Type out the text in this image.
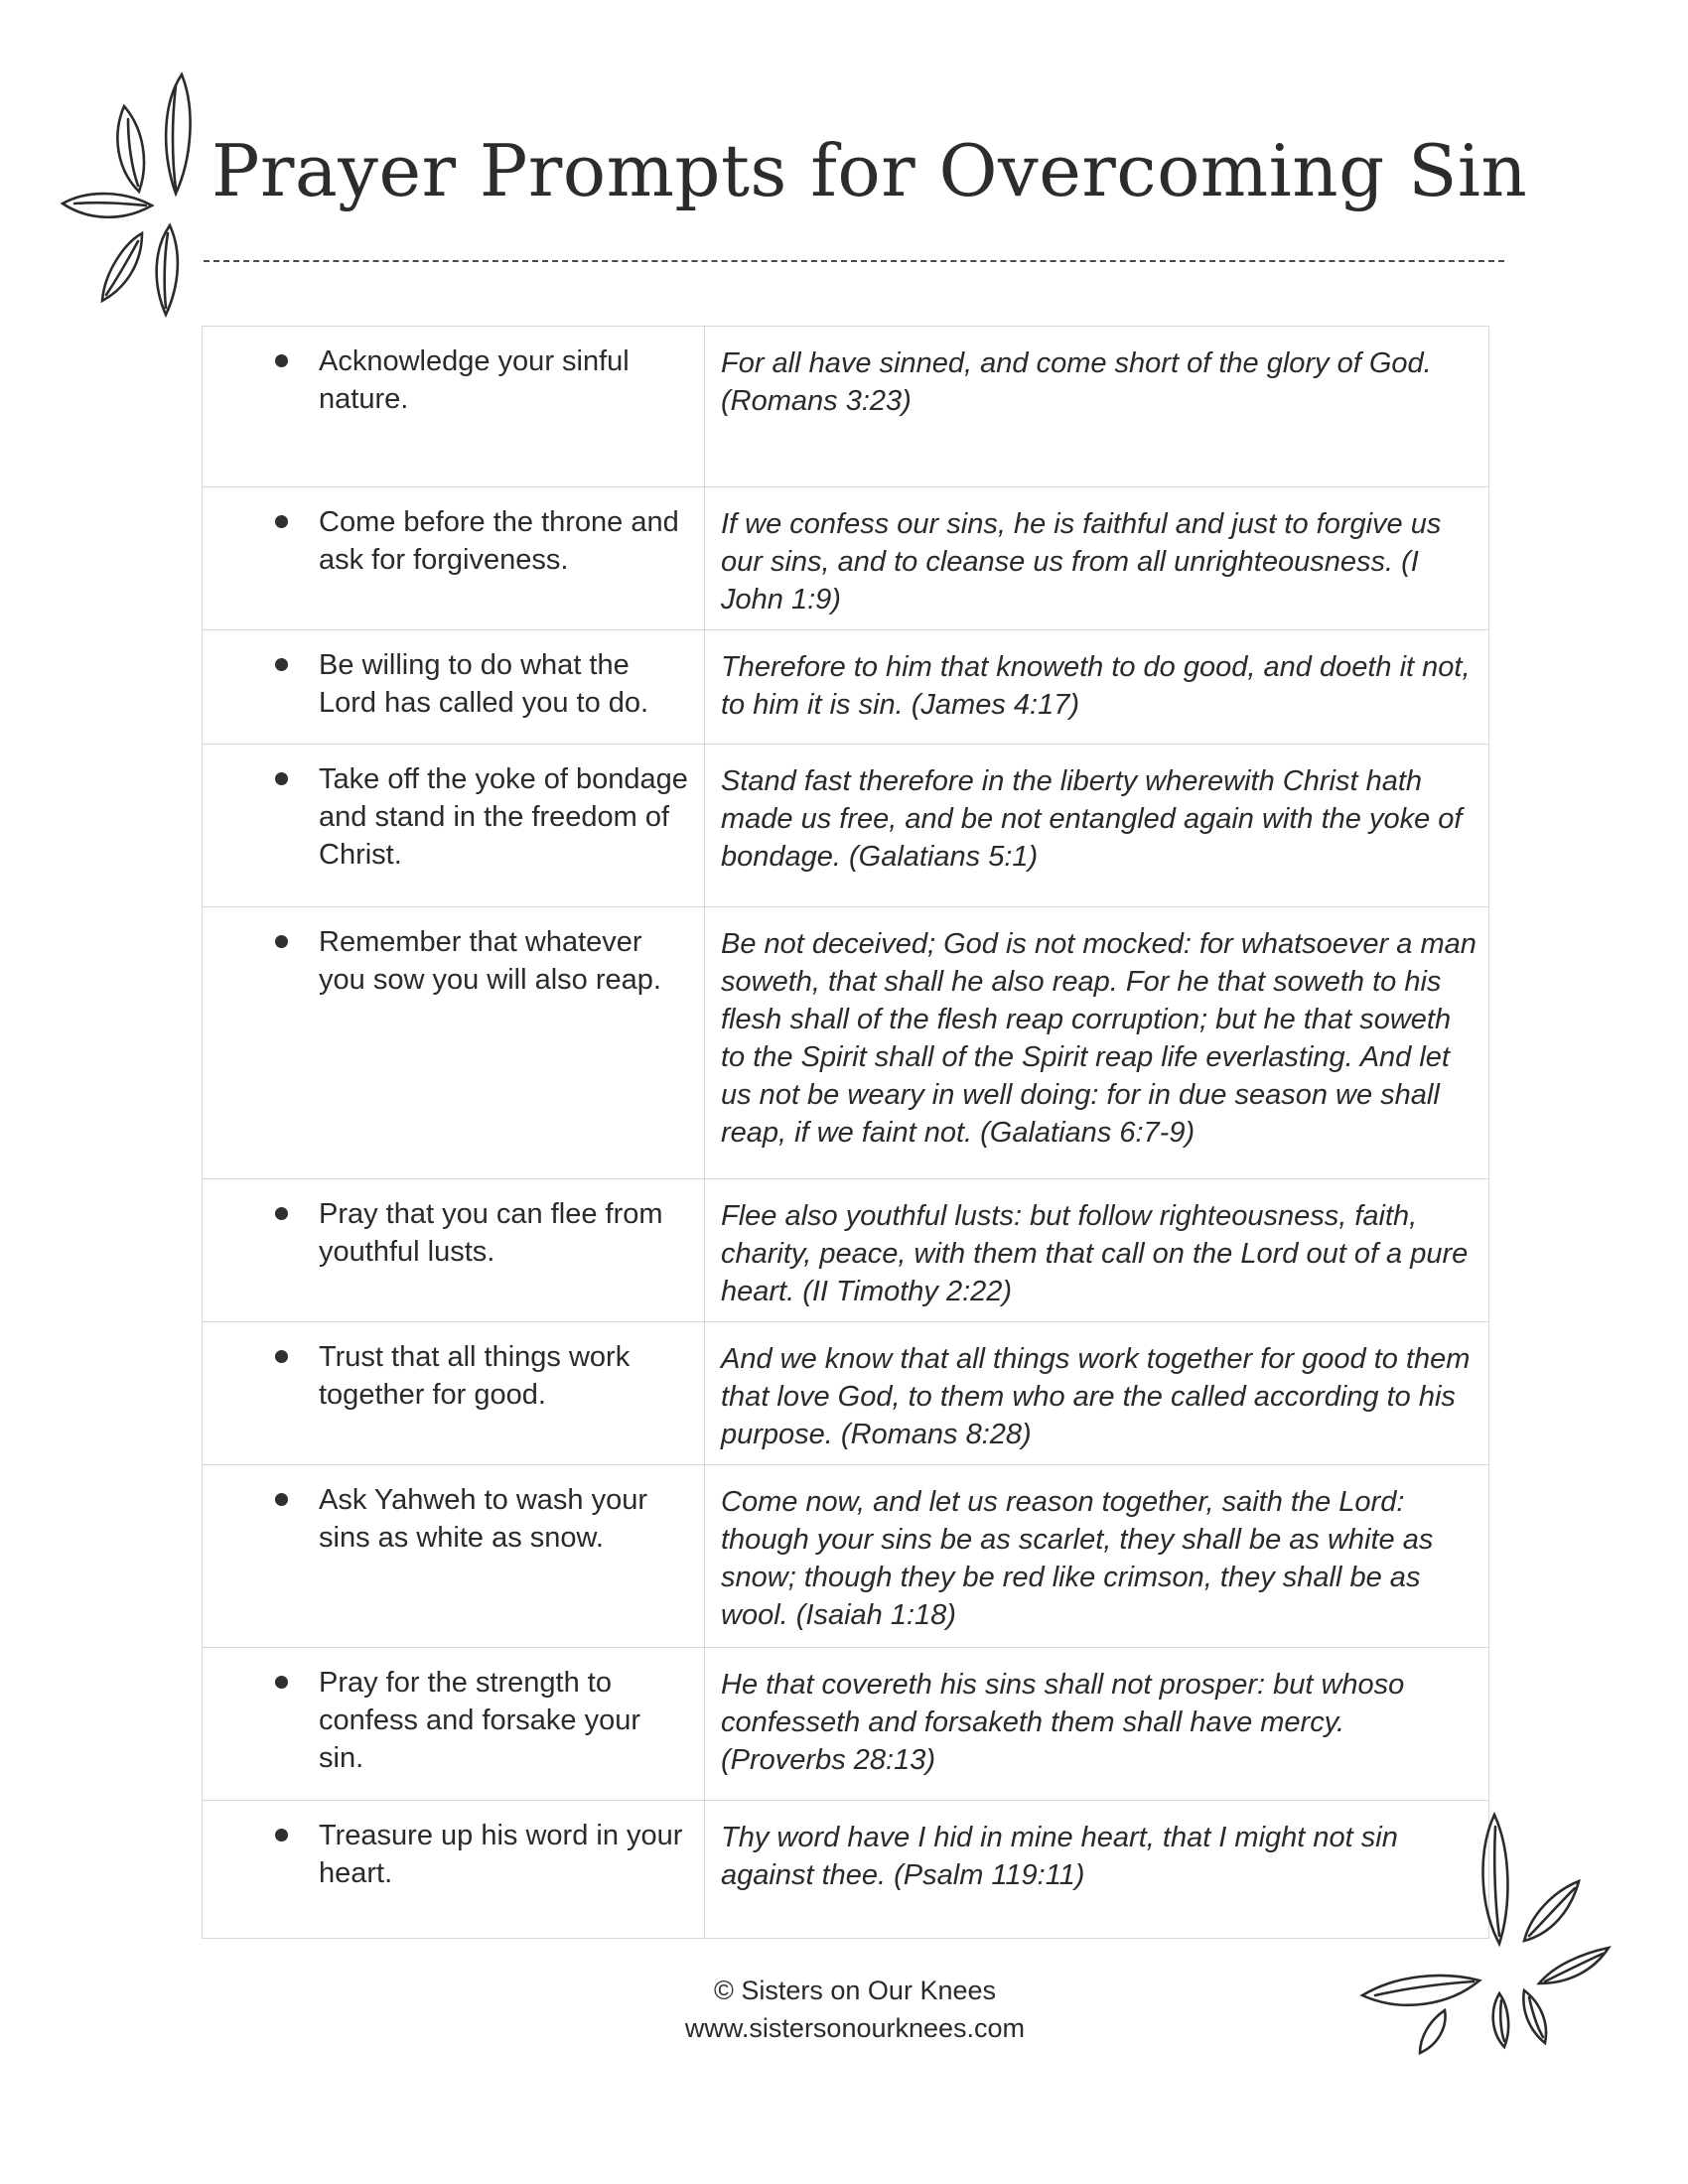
Prayer Prompts for Overcoming Sin
Acknowledge your sinful nature.	For all have sinned, and come short of the glory of God. (Romans 3:23)

Come before the throne and ask for forgiveness.	If we confess our sins, he is faithful and just to forgive us our sins, and to cleanse us from all unrighteousness. (I John 1:9)

Be willing to do what the Lord has called you to do.	Therefore to him that knoweth to do good, and doeth it not, to him it is sin. (James 4:17)

Take off the yoke of bondage and stand in the freedom of Christ.	Stand fast therefore in the liberty wherewith Christ hath made us free, and be not entangled again with the yoke of bondage. (Galatians 5:1)

Remember that whatever you sow you will also reap.	Be not deceived; God is not mocked: for whatsoever a man soweth, that shall he also reap. For he that soweth to his flesh shall of the flesh reap corruption; but he that soweth to the Spirit shall of the Spirit reap life everlasting. And let us not be weary in well doing: for in due season we shall reap, if we faint not. (Galatians 6:7-9)

Pray that you can flee from youthful lusts.	Flee also youthful lusts: but follow righteousness, faith, charity, peace, with them that call on the Lord out of a pure heart. (II Timothy 2:22)

Trust that all things work together for good.	And we know that all things work together for good to them that love God, to them who are the called according to his purpose. (Romans 8:28)

Ask Yahweh to wash your sins as white as snow.	Come now, and let us reason together, saith the Lord: though your sins be as scarlet, they shall be as white as snow; though they be red like crimson, they shall be as wool. (Isaiah 1:18)

Pray for the strength to confess and forsake your sin.	He that covereth his sins shall not prosper: but whoso confesseth and forsaketh them shall have mercy. (Proverbs 28:13)

Treasure up his word in your heart.	Thy word have I hid in mine heart, that I might not sin against thee. (Psalm 119:11)
© Sisters on Our Knees
www.sistersonourknees.com
